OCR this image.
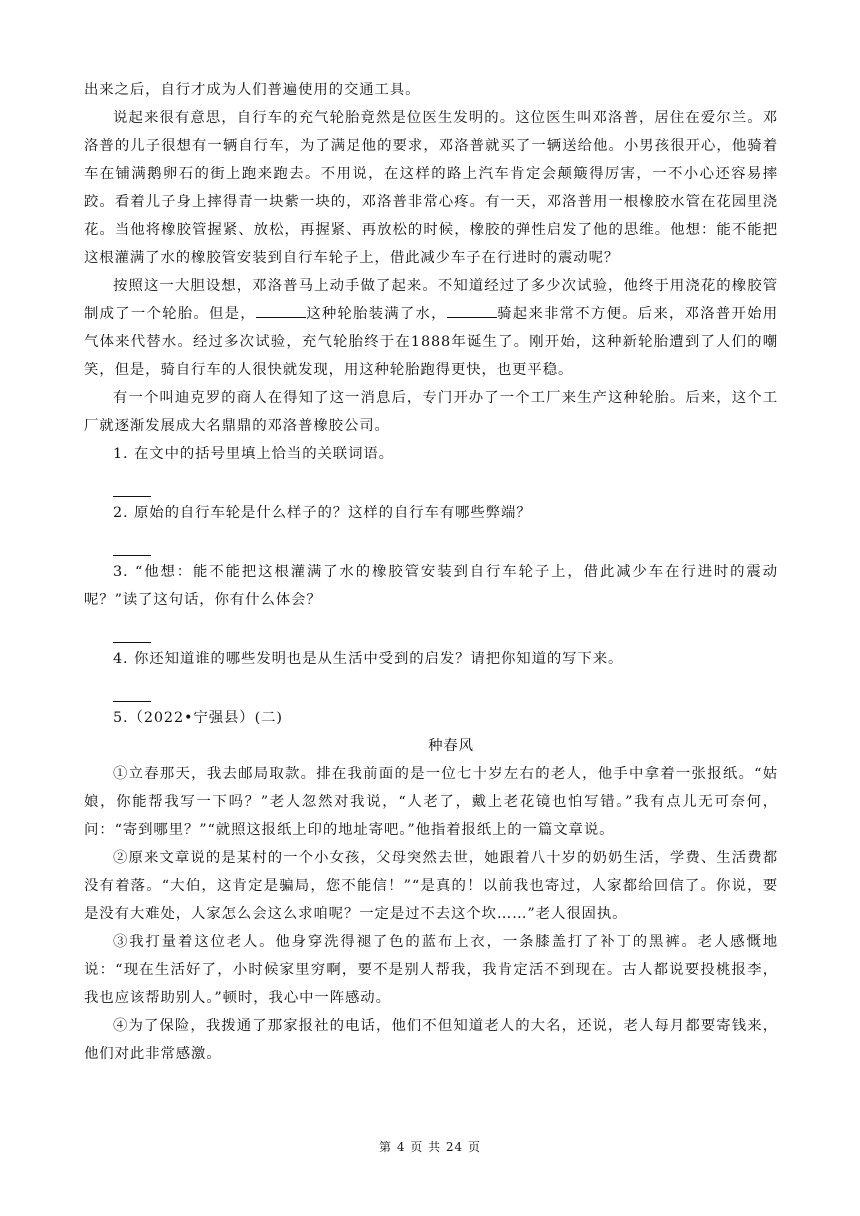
出来之后，自行才成为人们普遍使用的交通工具。

说起来很有意思，自行车的充气轮胎竟然是位医生发明的。这位医生叫邓洛普，居住在爱尔兰。邓洛普的儿子很想有一辆自行车，为了满足他的要求，邓洛普就买了一辆送给他。小男孩很开心，他骑着车在铺满鹅卵石的街上跑来跑去。不用说，在这样的路上汽车肯定会颠簸得厉害，一不小心还容易摔跤。看着儿子身上摔得青一块紫一块的，邓洛普非常心疼。有一天，邓洛普用一根橡胶水管在花园里浇花。当他将橡胶管握紧、放松，再握紧、再放松的时候，橡胶的弹性启发了他的思维。他想：能不能把这根灌满了水的橡胶管安装到自行车轮子上，借此减少车子在行进时的震动呢？

按照这一大胆设想，邓洛普马上动手做了起来。不知道经过了多少次试验，他终于用浇花的橡胶管制成了一个轮胎。但是，	这种轮胎装满了水，	骑起来非常不方便。后来，邓洛普开始用气体来代替水。经过多次试验，充气轮胎终于在1888年诞生了。刚开始，这种新轮胎遭到了人们的嘲笑，但是，骑自行车的人很快就发现，用这种轮胎跑得更快，也更平稳。

有一个叫迪克罗的商人在得知了这一消息后，专门开办了一个工厂来生产这种轮胎。后来，这个工厂就逐渐发展成大名鼎鼎的邓洛普橡胶公司。

1. 在文中的括号里填上恰当的关联词语。

2. 原始的自行车轮是什么样子的？这样的自行车有哪些弊端？

3. “他想：能不能把这根灌满了水的橡胶管安装到自行车轮子上，借此减少车在行进时的震动呢？”读了这句话，你有什么体会？

4. 你还知道谁的哪些发明也是从生活中受到的启发？请把你知道的写下来。

5.（2022•宁强县）(二)

种春风

①立春那天，我去邮局取款。排在我前面的是一位七十岁左右的老人，他手中拿着一张报纸。“姑娘，你能帮我写一下吗？”老人忽然对我说，“人老了，戴上老花镜也怕写错。”我有点儿无可奈何，问：“寄到哪里？”“就照这报纸上印的地址寄吧。”他指着报纸上的一篇文章说。

②原来文章说的是某村的一个小女孩，父母突然去世，她跟着八十岁的奶奶生活，学费、生活费都没有着落。“大伯，这肯定是骗局，您不能信！”“是真的！以前我也寄过，人家都给回信了。你说，要是没有大难处，人家怎么会这么求咱呢？一定是过不去这个坎……”老人很固执。

③我打量着这位老人。他身穿洗得褪了色的蓝布上衣，一条膝盖打了补丁的黑裤。老人感慨地说：“现在生活好了，小时候家里穷啊，要不是别人帮我，我肯定活不到现在。古人都说要投桃报李，我也应该帮助别人。”顿时，我心中一阵感动。

④为了保险，我拨通了那家报社的电话，他们不但知道老人的大名，还说，老人每月都要寄钱来，他们对此非常感激。

第 4 页 共 24 页
